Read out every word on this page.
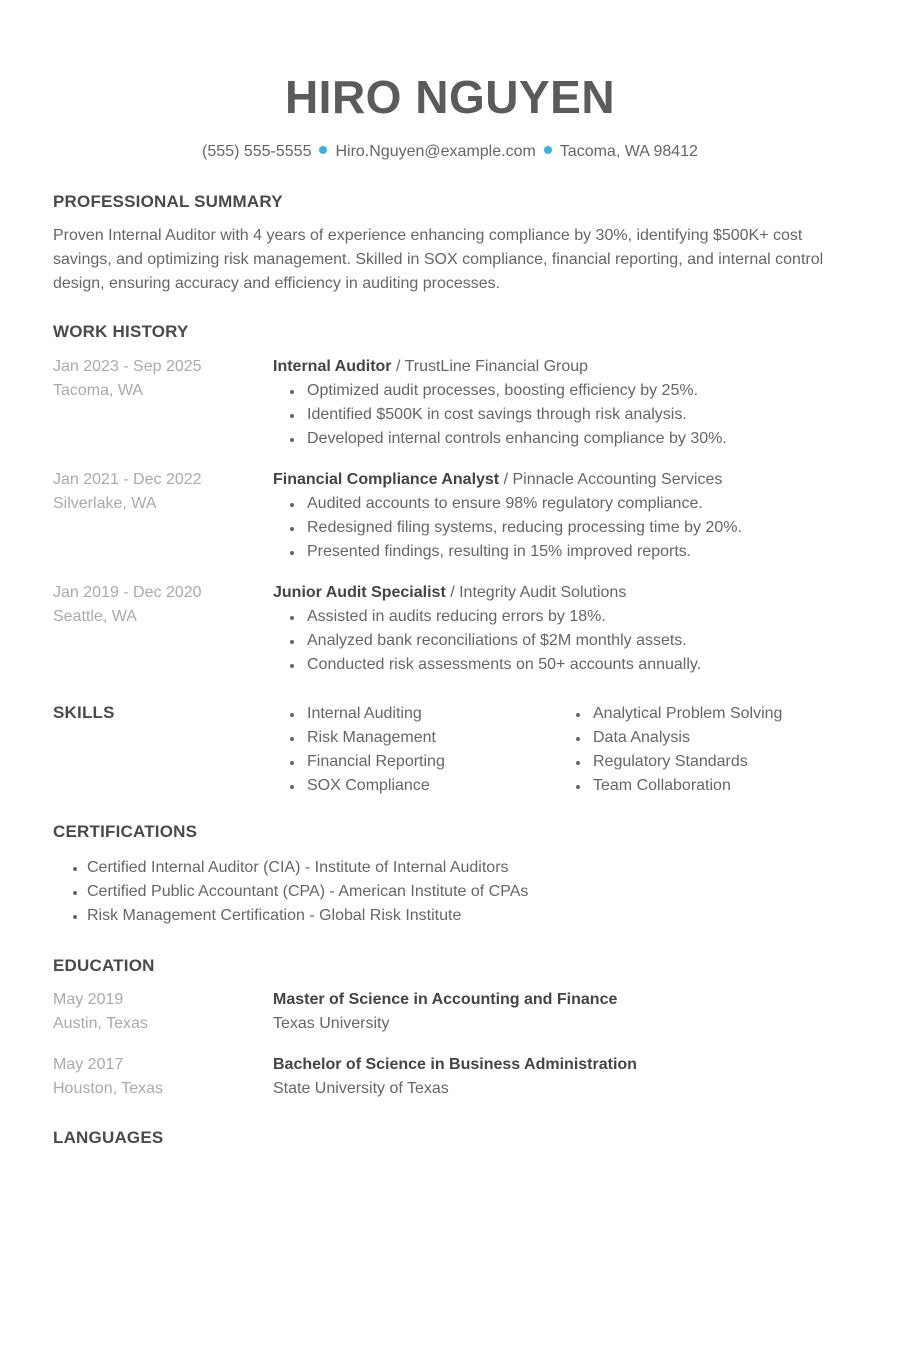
HIRO NGUYEN
(555) 555-5555 Hiro.Nguyen@example.com Tacoma, WA 98412
PROFESSIONAL SUMMARY
Proven Internal Auditor with 4 years of experience enhancing compliance by 30%, identifying $500K+ cost savings, and optimizing risk management. Skilled in SOX compliance, financial reporting, and internal control design, ensuring accuracy and efficiency in auditing processes.
WORK HISTORY
Jan 2023 - Sep 2025
Tacoma, WA
Internal Auditor / TrustLine Financial Group
Optimized audit processes, boosting efficiency by 25%.
Identified $500K in cost savings through risk analysis.
Developed internal controls enhancing compliance by 30%.
Jan 2021 - Dec 2022
Silverlake, WA
Financial Compliance Analyst / Pinnacle Accounting Services
Audited accounts to ensure 98% regulatory compliance.
Redesigned filing systems, reducing processing time by 20%.
Presented findings, resulting in 15% improved reports.
Jan 2019 - Dec 2020
Seattle, WA
Junior Audit Specialist / Integrity Audit Solutions
Assisted in audits reducing errors by 18%.
Analyzed bank reconciliations of $2M monthly assets.
Conducted risk assessments on 50+ accounts annually.
SKILLS	Internal Auditing
Risk Management
Financial Reporting
SOX Compliance
Analytical Problem Solving
Data Analysis
Regulatory Standards
Team Collaboration
CERTIFICATIONS
Certified Internal Auditor (CIA) - Institute of Internal Auditors
Certified Public Accountant (CPA) - American Institute of CPAs
Risk Management Certification - Global Risk Institute
EDUCATION
May 2019
Austin, Texas
Master of Science in Accounting and Finance
Texas University
May 2017
Houston, Texas
Bachelor of Science in Business Administration
State University of Texas
LANGUAGES
